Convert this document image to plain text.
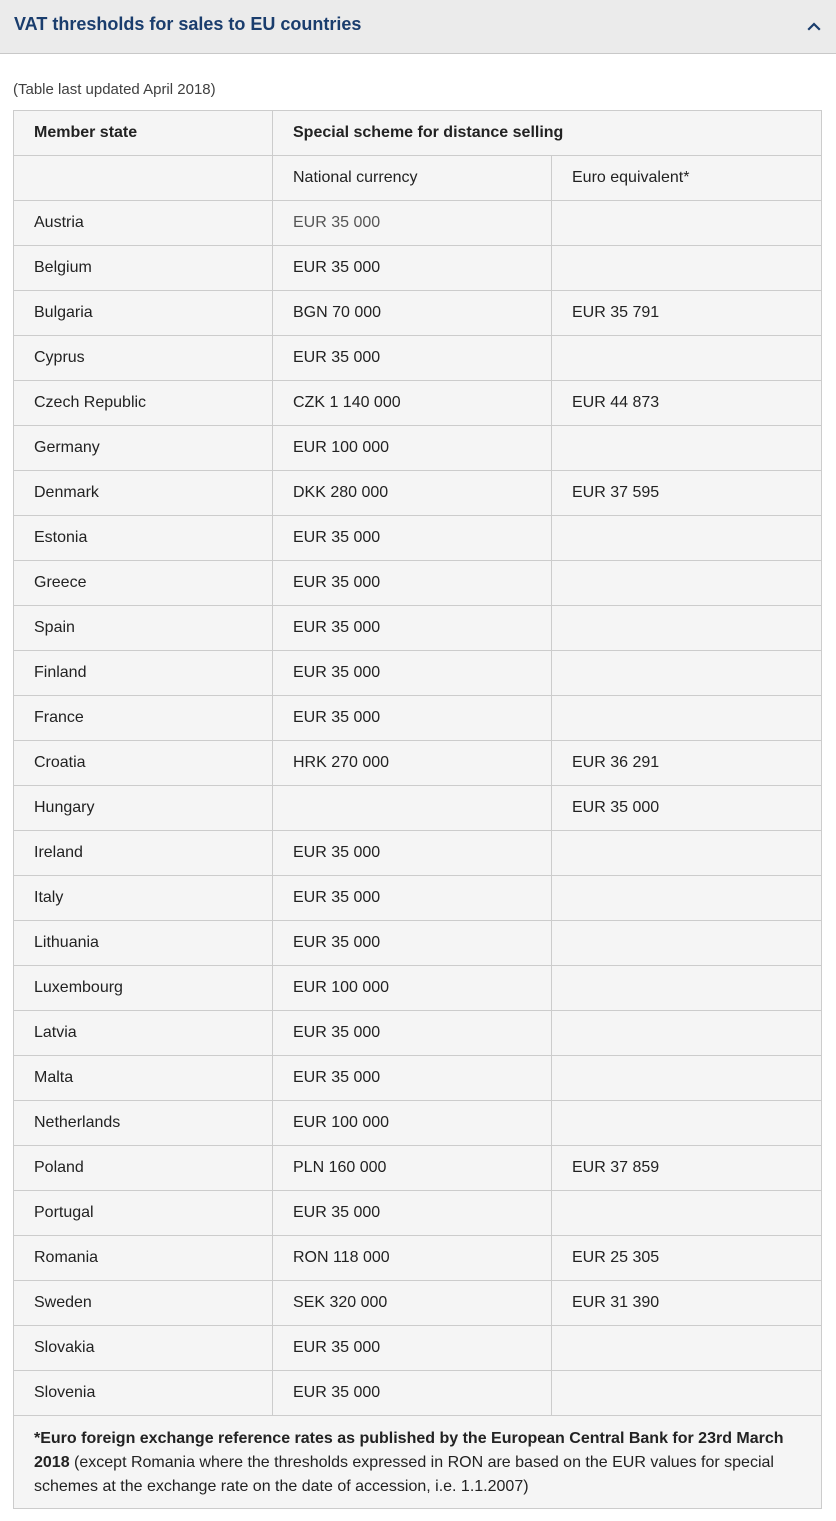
VAT thresholds for sales to EU countries
(Table last updated April 2018)
Member state	Special scheme for distance selling	
	National currency	Euro equivalent*
Austria	EUR 35 000	
Belgium	EUR 35 000	
Bulgaria	BGN 70 000	EUR 35 791
Cyprus	EUR 35 000	
Czech Republic	CZK 1 140 000	EUR 44 873
Germany	EUR 100 000	
Denmark	DKK 280 000	EUR 37 595
Estonia	EUR 35 000	
Greece	EUR 35 000	
Spain	EUR 35 000	
Finland	EUR 35 000	
France	EUR 35 000	
Croatia	HRK 270 000	EUR 36 291
Hungary		EUR 35 000
Ireland	EUR 35 000	
Italy	EUR 35 000	
Lithuania	EUR 35 000	
Luxembourg	EUR 100 000	
Latvia	EUR 35 000	
Malta	EUR 35 000	
Netherlands	EUR 100 000	
Poland	PLN 160 000	EUR 37 859
Portugal	EUR 35 000	
Romania	RON 118 000	EUR 25 305
Sweden	SEK 320 000	EUR 31 390
Slovakia	EUR 35 000	
Slovenia	EUR 35 000	
*Euro foreign exchange reference rates as published by the European Central Bank for 23rd March 2018 (except Romania where the thresholds expressed in RON are based on the EUR values for special schemes at the exchange rate on the date of accession, i.e. 1.1.2007)		
